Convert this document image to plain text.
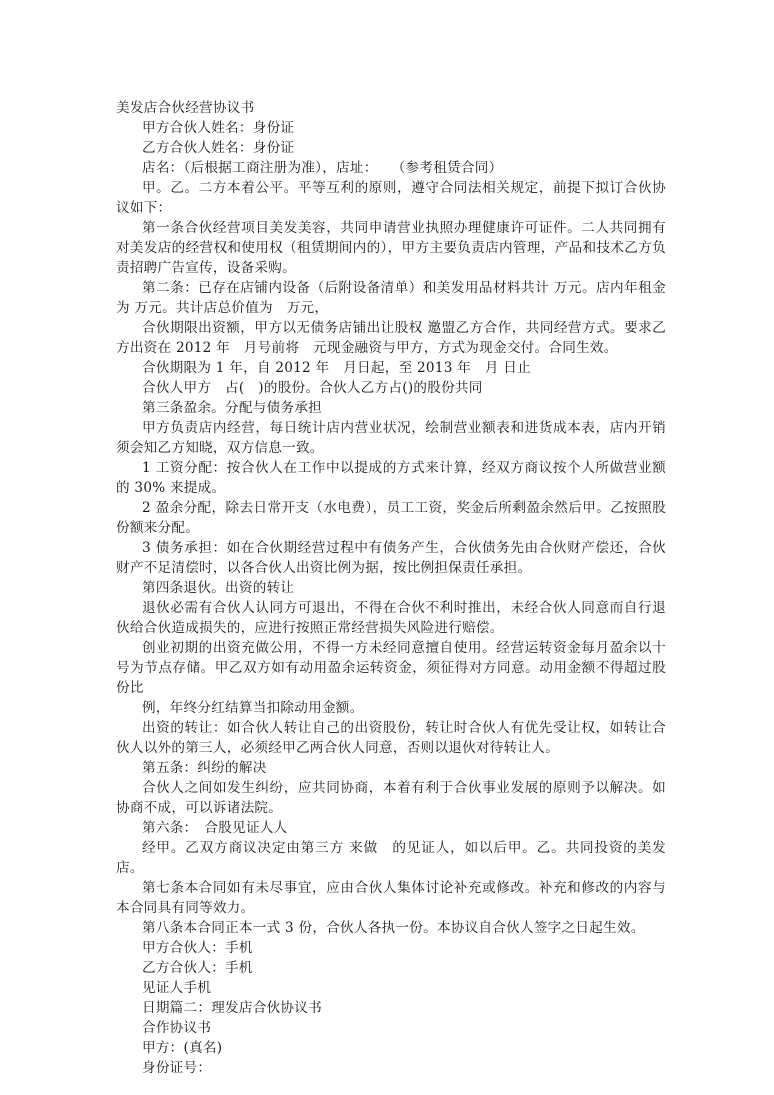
美发店合伙经营协议书

甲方合伙人姓名：身份证

乙方合伙人姓名：身份证

店名：（后根据工商注册为准），店址：　　（参考租赁合同）

甲。乙。二方本着公平。平等互利的原则，遵守合同法相关规定，前提下拟订合伙协议如下：

第一条合伙经营项目美发美容，共同申请营业执照办理健康许可证件。二人共同拥有对美发店的经营权和使用权（租赁期间内的），甲方主要负责店内管理，产品和技术乙方负责招聘广告宣传，设备采购。

第二条：已存在店铺内设备（后附设备清单）和美发用品材料共计 万元。店内年租金为 万元。共计店总价值为　万元，

合伙期限出资额，甲方以无债务店铺出让股权 邀盟乙方合作，共同经营方式。要求乙方出资在 2012 年　月号前将　元现金融资与甲方，方式为现金交付。合同生效。

合伙期限为 1 年，自 2012 年　月日起，至 2013 年　月 日止

合伙人甲方　占(　)的股份。合伙人乙方占()的股份共同

第三条盈余。分配与债务承担

甲方负责店内经营，每日统计店内营业状况，绘制营业额表和进货成本表，店内开销须会知乙方知晓，双方信息一致。

1 工资分配：按合伙人在工作中以提成的方式来计算，经双方商议按个人所做营业额的 30% 来提成。

2 盈余分配，除去日常开支（水电费），员工工资，奖金后所剩盈余然后甲。乙按照股份额来分配。

3 债务承担：如在合伙期经营过程中有债务产生，合伙债务先由合伙财产偿还，合伙财产不足清偿时，以各合伙人出资比例为据，按比例担保责任承担。

第四条退伙。出资的转让

退伙必需有合伙人认同方可退出，不得在合伙不利时推出，未经合伙人同意而自行退伙给合伙造成损失的，应进行按照正常经营损失风险进行赔偿。

创业初期的出资充做公用，不得一方未经同意擅自使用。经营运转资金每月盈余以十号为节点存储。甲乙双方如有动用盈余运转资金，须征得对方同意。动用金额不得超过股份比

例，年终分红结算当扣除动用金额。

出资的转让：如合伙人转让自己的出资股份，转让时合伙人有优先受让权，如转让合伙人以外的第三人，必须经甲乙两合伙人同意，否则以退伙对待转让人。

第五条：纠纷的解决

合伙人之间如发生纠纷，应共同协商，本着有利于合伙事业发展的原则予以解决。如协商不成，可以诉诸法院。

第六条：　合股见证人人

经甲。乙双方商议决定由第三方 来做　的见证人，如以后甲。乙。共同投资的美发店。

第七条本合同如有未尽事宜，应由合伙人集体讨论补充或修改。补充和修改的内容与本合同具有同等效力。

第八条本合同正本一式 3 份，合伙人各执一份。本协议自合伙人签字之日起生效。

甲方合伙人：手机

乙方合伙人：手机

见证人手机

日期篇二：理发店合伙协议书

合作协议书

甲方：(真名)

身份证号：
